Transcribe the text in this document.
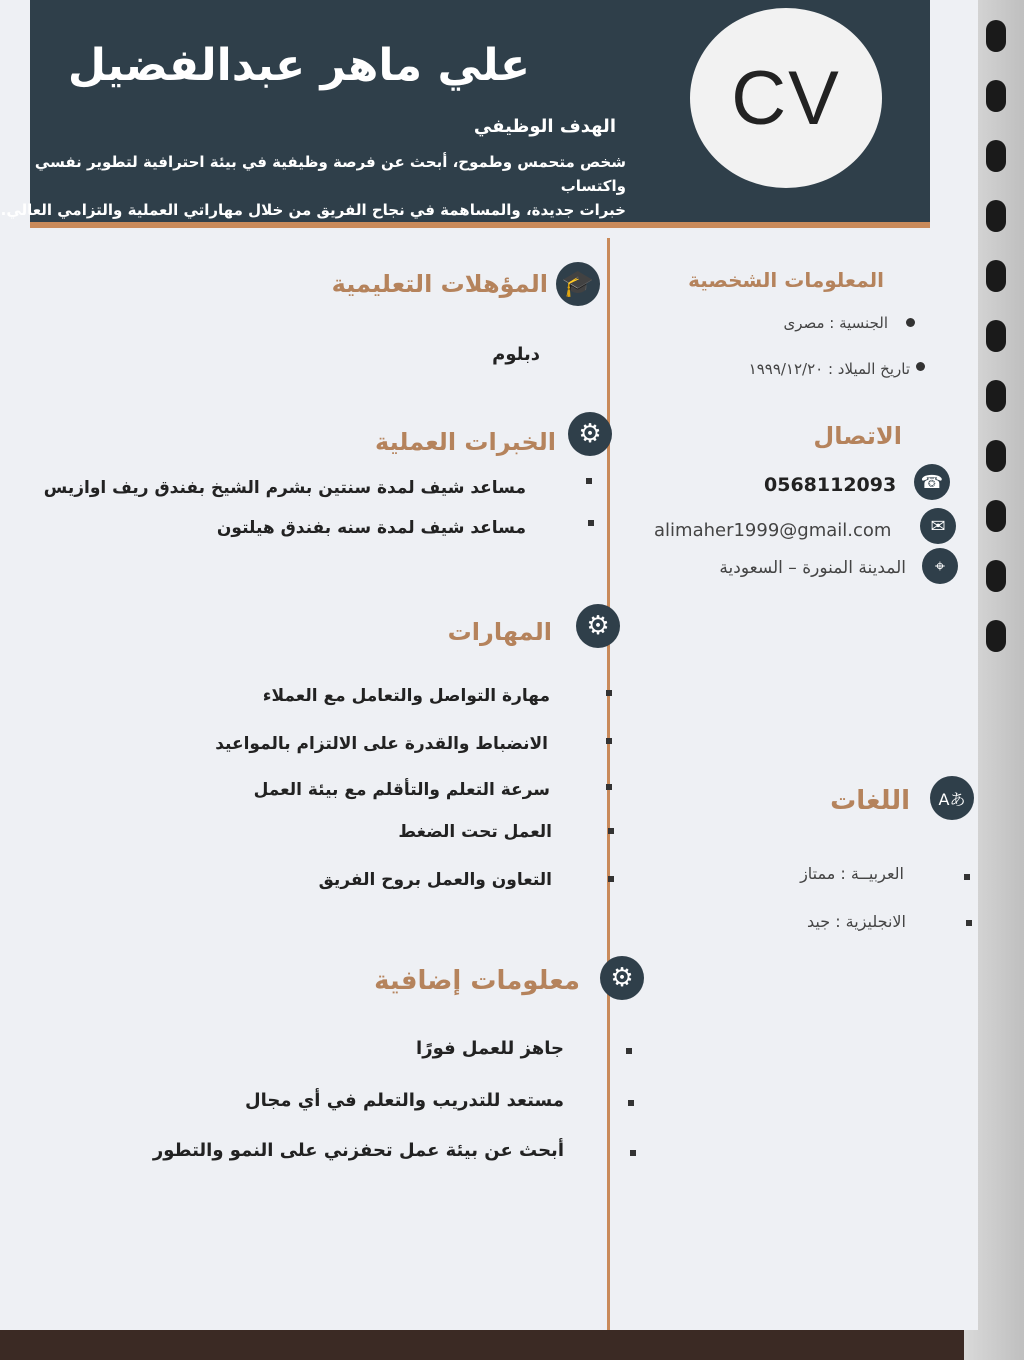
CV
علي ماهر عبدالفضيل
الهدف الوظيفي
شخص متحمس وطموح، أبحث عن فرصة وظيفية في بيئة احترافية لتطوير نفسي واكتساب
خبرات جديدة، والمساهمة في نجاح الفريق من خلال مهاراتي العملية والتزامي العالي.
المعلومات الشخصية
الجنسية : مصرى
تاريخ الميلاد : ١٩٩٩/١٢/٢٠
الاتصال
☎
0568112093
✉
alimaher1999@gmail.com
⌖
المدينة المنورة – السعودية
Aあ
اللغات
العربيــة : ممتاز
الانجليزية : جيد
🎓
المؤهلات التعليمية
دبلوم
⚙
الخبرات العملية
مساعد شيف لمدة سنتين بشرم الشيخ بفندق ريف اوازيس
مساعد شيف لمدة سنه بفندق هيلتون
⚙
المهارات
مهارة التواصل والتعامل مع العملاء
الانضباط والقدرة على الالتزام بالمواعيد
سرعة التعلم والتأقلم مع بيئة العمل
العمل تحت الضغط
التعاون والعمل بروح الفريق
⚙
معلومات إضافية
جاهز للعمل فورًا
مستعد للتدريب والتعلم في أي مجال
أبحث عن بيئة عمل تحفزني على النمو والتطور
